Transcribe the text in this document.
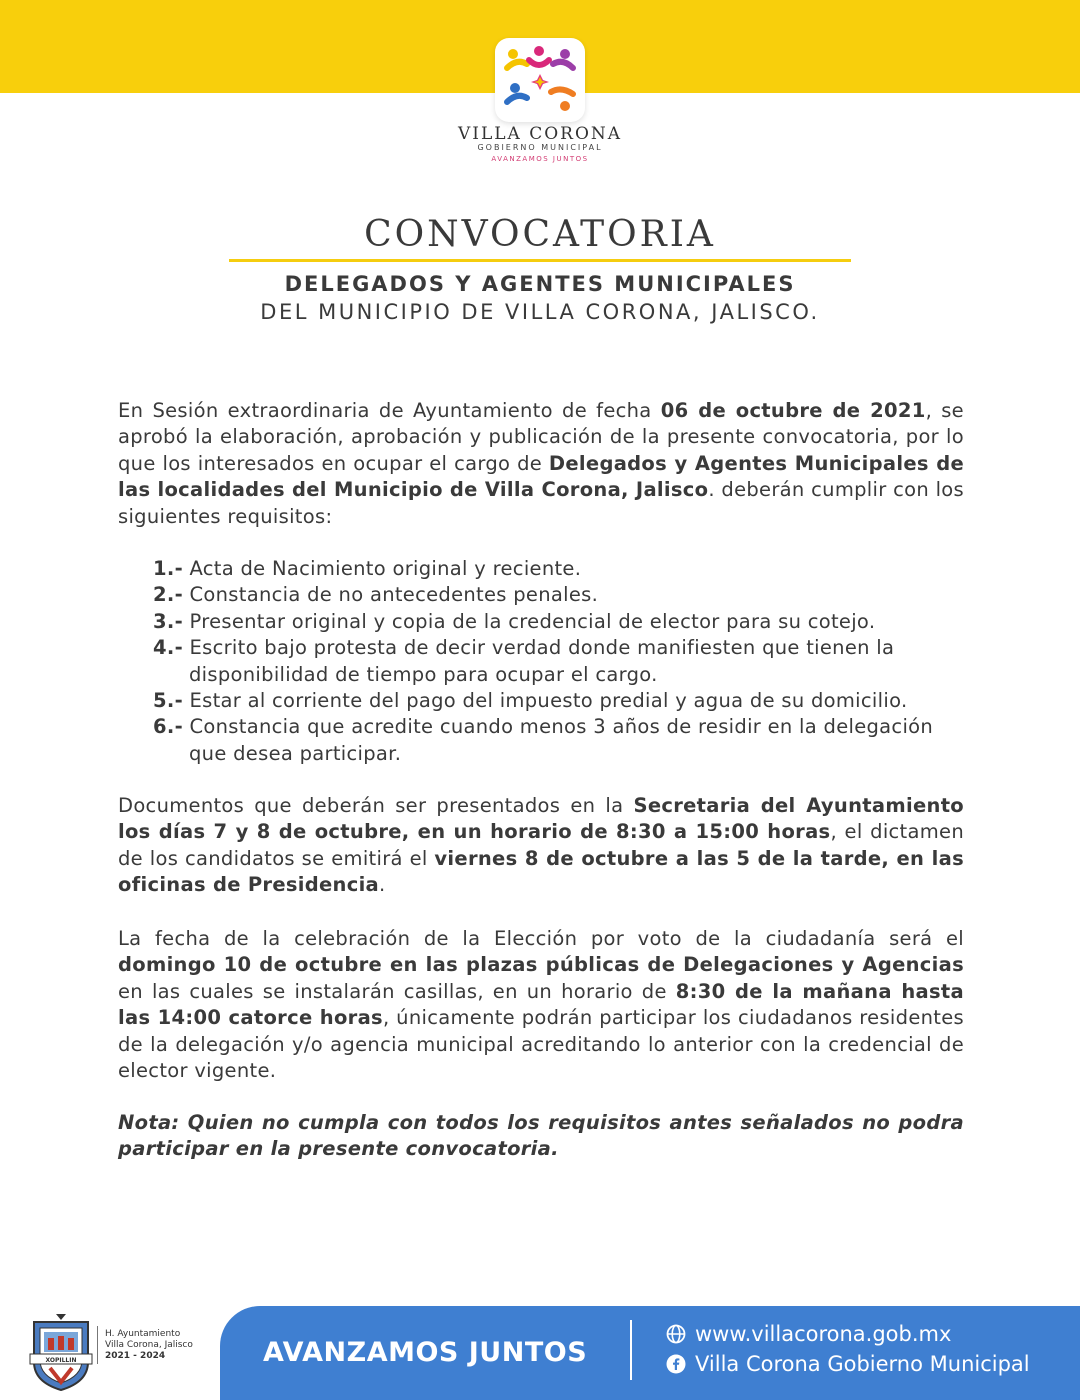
VILLA CORONA
GOBIERNO MUNICIPAL
AVANZAMOS JUNTOS
CONVOCATORIA
DELEGADOS Y AGENTES MUNICIPALES
DEL MUNICIPIO DE VILLA CORONA, JALISCO.

En Sesión extraordinaria de Ayuntamiento de fecha 06 de octubre de 2021, se aprobó la elaboración, aprobación y publicación de la presente convocatoria, por lo que los interesados en ocupar el cargo de Delegados y Agentes Municipales de las localidades del Municipio de Villa Corona, Jalisco. deberán cumplir con los siguientes requisitos:

1.- Acta de Nacimiento original y reciente.
2.- Constancia de no antecedentes penales.
3.- Presentar original y copia de la credencial de elector para su cotejo.
4.- Escrito bajo protesta de decir verdad donde manifiesten que tienen la disponibilidad de tiempo para ocupar el cargo.
5.- Estar al corriente del pago del impuesto predial y agua de su domicilio.
6.- Constancia que acredite cuando menos 3 años de residir en la delegación que desea participar.

Documentos que deberán ser presentados en la Secretaria del Ayuntamiento los días 7 y 8 de octubre, en un horario de 8:30 a 15:00 horas, el dictamen de los candidatos se emitirá el viernes 8 de octubre a las 5 de la tarde, en las oficinas de Presidencia.

La fecha de la celebración de la Elección por voto de la ciudadanía será el domingo 10 de octubre en las plazas públicas de Delegaciones y Agencias en las cuales se instalarán casillas, en un horario de 8:30 de la mañana hasta las 14:00 catorce horas, únicamente podrán participar los ciudadanos residentes de la delegación y/o agencia municipal acreditando lo anterior con la credencial de elector vigente.

Nota: Quien no cumpla con todos los requisitos antes señalados no podra participar en la presente convocatoria.

XOPILLIN
H. Ayuntamiento
Villa Corona, Jalisco
2021 - 2024	AVANZAMOS JUNTOS
www.villacorona.gob.mx
Villa Corona Gobierno Municipal
